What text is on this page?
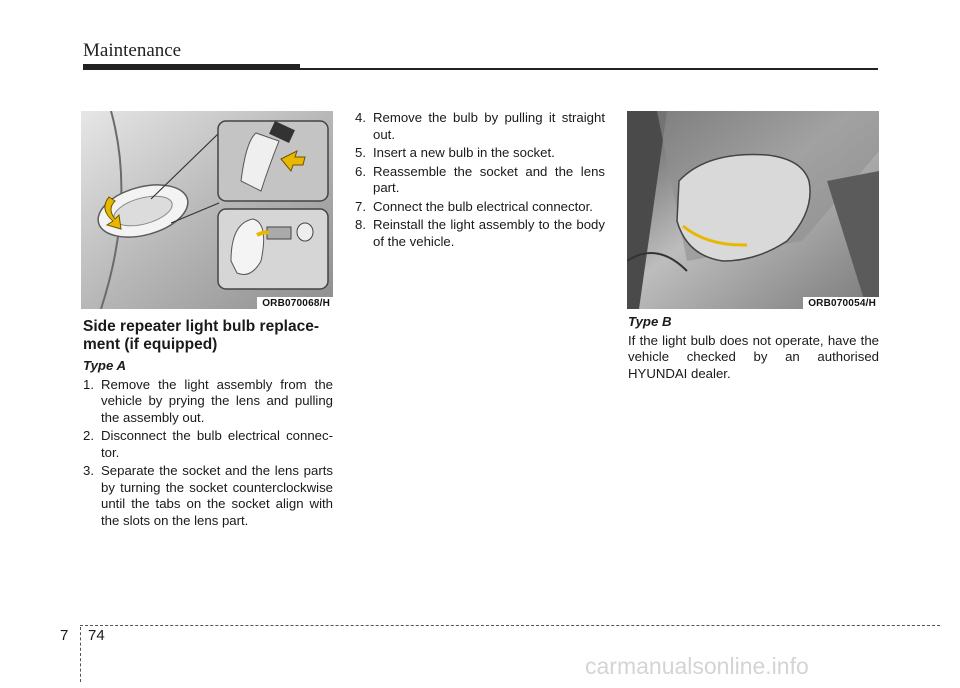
Maintenance
ORB070068/H	ORB070054/H
Side repeater light bulb replace-
ment (if equipped)
Type A
1. Remove the light assembly from the vehicle by prying the lens and pulling the assembly out.
2. Disconnect the bulb electrical connec-tor.
3. Separate the socket and the lens parts by turning the socket counterclockwise until the tabs on the socket align with the slots on the lens part.
4. Remove the bulb by pulling it straight out.
5. Insert a new bulb in the socket.
6. Reassemble the socket and the lens part.
7. Connect the bulb electrical connector.
8. Reinstall the light assembly to the body of the vehicle.
Type B

If the light bulb does not operate, have the vehicle checked by an authorised HYUNDAI dealer.

7 74
carmanualsonline.info
